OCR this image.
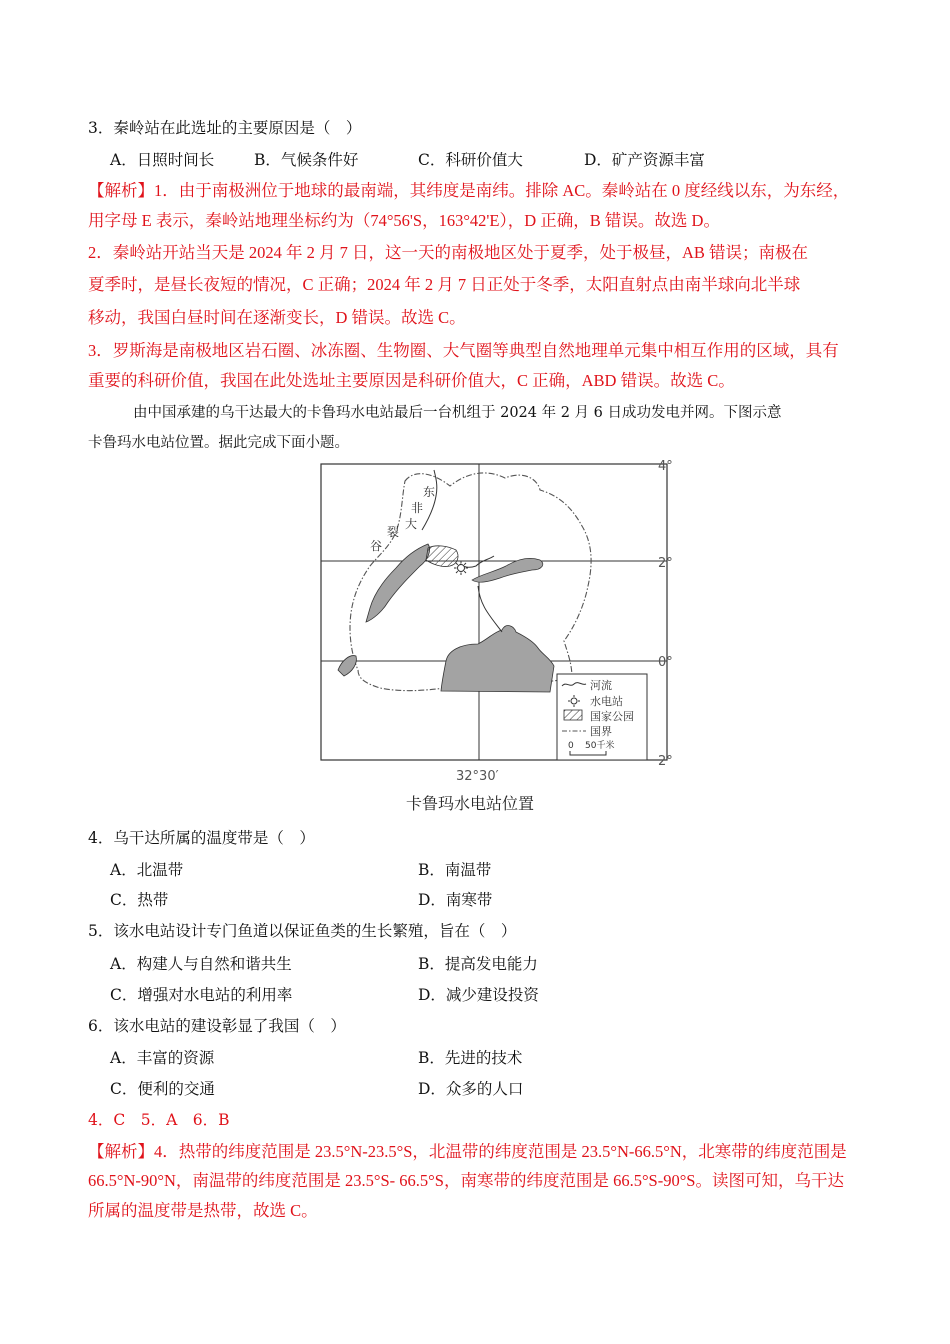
3．秦岭站在此选址的主要原因是（　）
A．日照时间长	B．气候条件好	C．科研价值大	D．矿产资源丰富
【解析】1．由于南极洲位于地球的最南端，其纬度是南纬。排除 AC。秦岭站在 0 度经线以东，为东经，
用字母 E 表示，秦岭站地理坐标约为（74°56'S，163°42'E），D 正确，B 错误。故选 D。
2．秦岭站开站当天是 2024 年 2 月 7 日，这一天的南极地区处于夏季，处于极昼，AB 错误；南极在
夏季时，是昼长夜短的情况，C 正确；2024 年 2 月 7 日正处于冬季，太阳直射点由南半球向北半球
移动，我国白昼时间在逐渐变长，D 错误。故选 C。
3．罗斯海是南极地区岩石圈、冰冻圈、生物圈、大气圈等典型自然地理单元集中相互作用的区域，具有
重要的科研价值，我国在此处选址主要原因是科研价值大，C 正确，ABD 错误。故选 C。
由中国承建的乌干达最大的卡鲁玛水电站最后一台机组于 2024 年 2 月 6 日成功发电并网。下图示意
卡鲁玛水电站位置。据此完成下面小题。
东
非
大
裂
谷
4°
2°
0°
2°
32°30′
河流
水电站
国家公园
国界
0 50千米
卡鲁玛水电站位置
4．乌干达所属的温度带是（　）
A．北温带	B．南温带
C．热带	D．南寒带
5．该水电站设计专门鱼道以保证鱼类的生长繁殖，旨在（　）
A．构建人与自然和谐共生	B．提高发电能力
C．增强对水电站的利用率	D．减少建设投资
6．该水电站的建设彰显了我国（　）
A．丰富的资源	B．先进的技术
C．便利的交通	D．众多的人口
4．C　5．A　6．B
【解析】4．热带的纬度范围是 23.5°N-23.5°S，北温带的纬度范围是 23.5°N-66.5°N，北寒带的纬度范围是
66.5°N-90°N，南温带的纬度范围是 23.5°S- 66.5°S，南寒带的纬度范围是 66.5°S-90°S。读图可知，乌干达
所属的温度带是热带，故选 C。
